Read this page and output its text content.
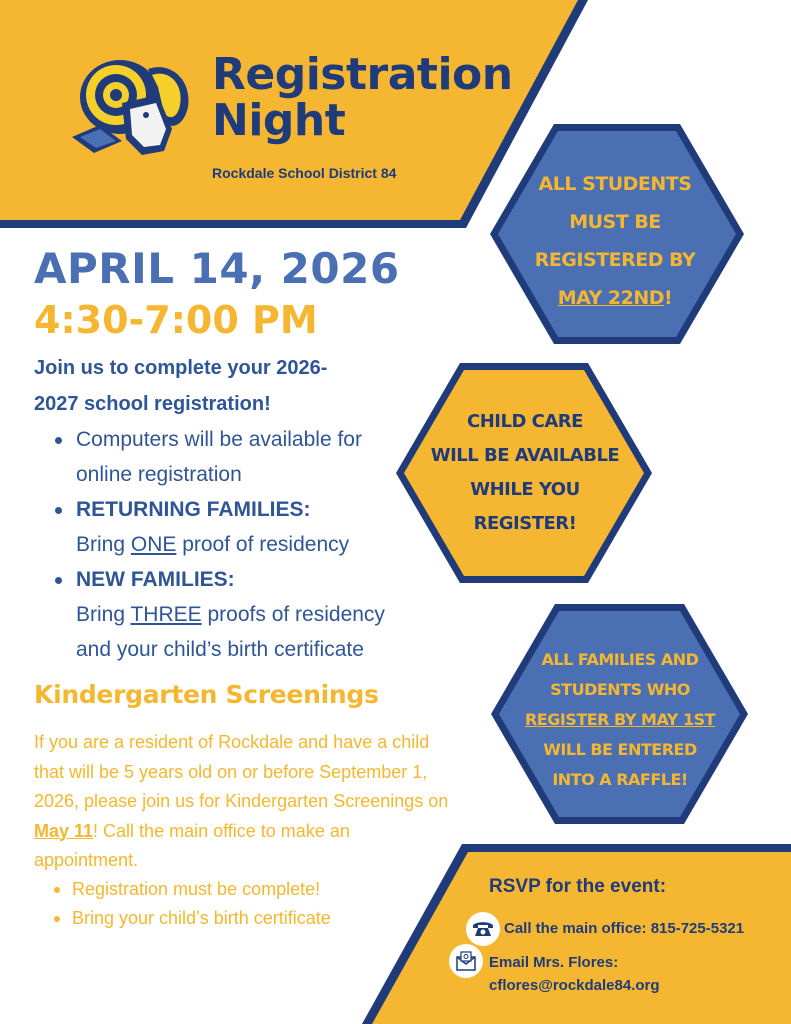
Registration
Night
Rockdale School District 84
APRIL 14, 2026
4:30-7:00 PM
Join us to complete your 2026-
2027 school registration!
Computers will be available for
online registration
RETURNING FAMILIES:
Bring ONE proof of residency
NEW FAMILIES:
Bring THREE proofs of residency
and your child’s birth certificate
Kindergarten Screenings
If you are a resident of Rockdale and have a child
that will be 5 years old on or before September 1,
2026, please join us for Kindergarten Screenings on
May 11! Call the main office to make an
appointment.
Registration must be complete!
Bring your child’s birth certificate
ALL STUDENTS
MUST BE
REGISTERED BY
MAY 22ND!
CHILD CARE
WILL BE AVAILABLE
WHILE YOU
REGISTER!
ALL FAMILIES AND
STUDENTS WHO
REGISTER BY MAY 1ST
WILL BE ENTERED
INTO A RAFFLE!
RSVP for the event:
Call the main office: 815-725-5321
Email Mrs. Flores:
cflores@rockdale84.org
